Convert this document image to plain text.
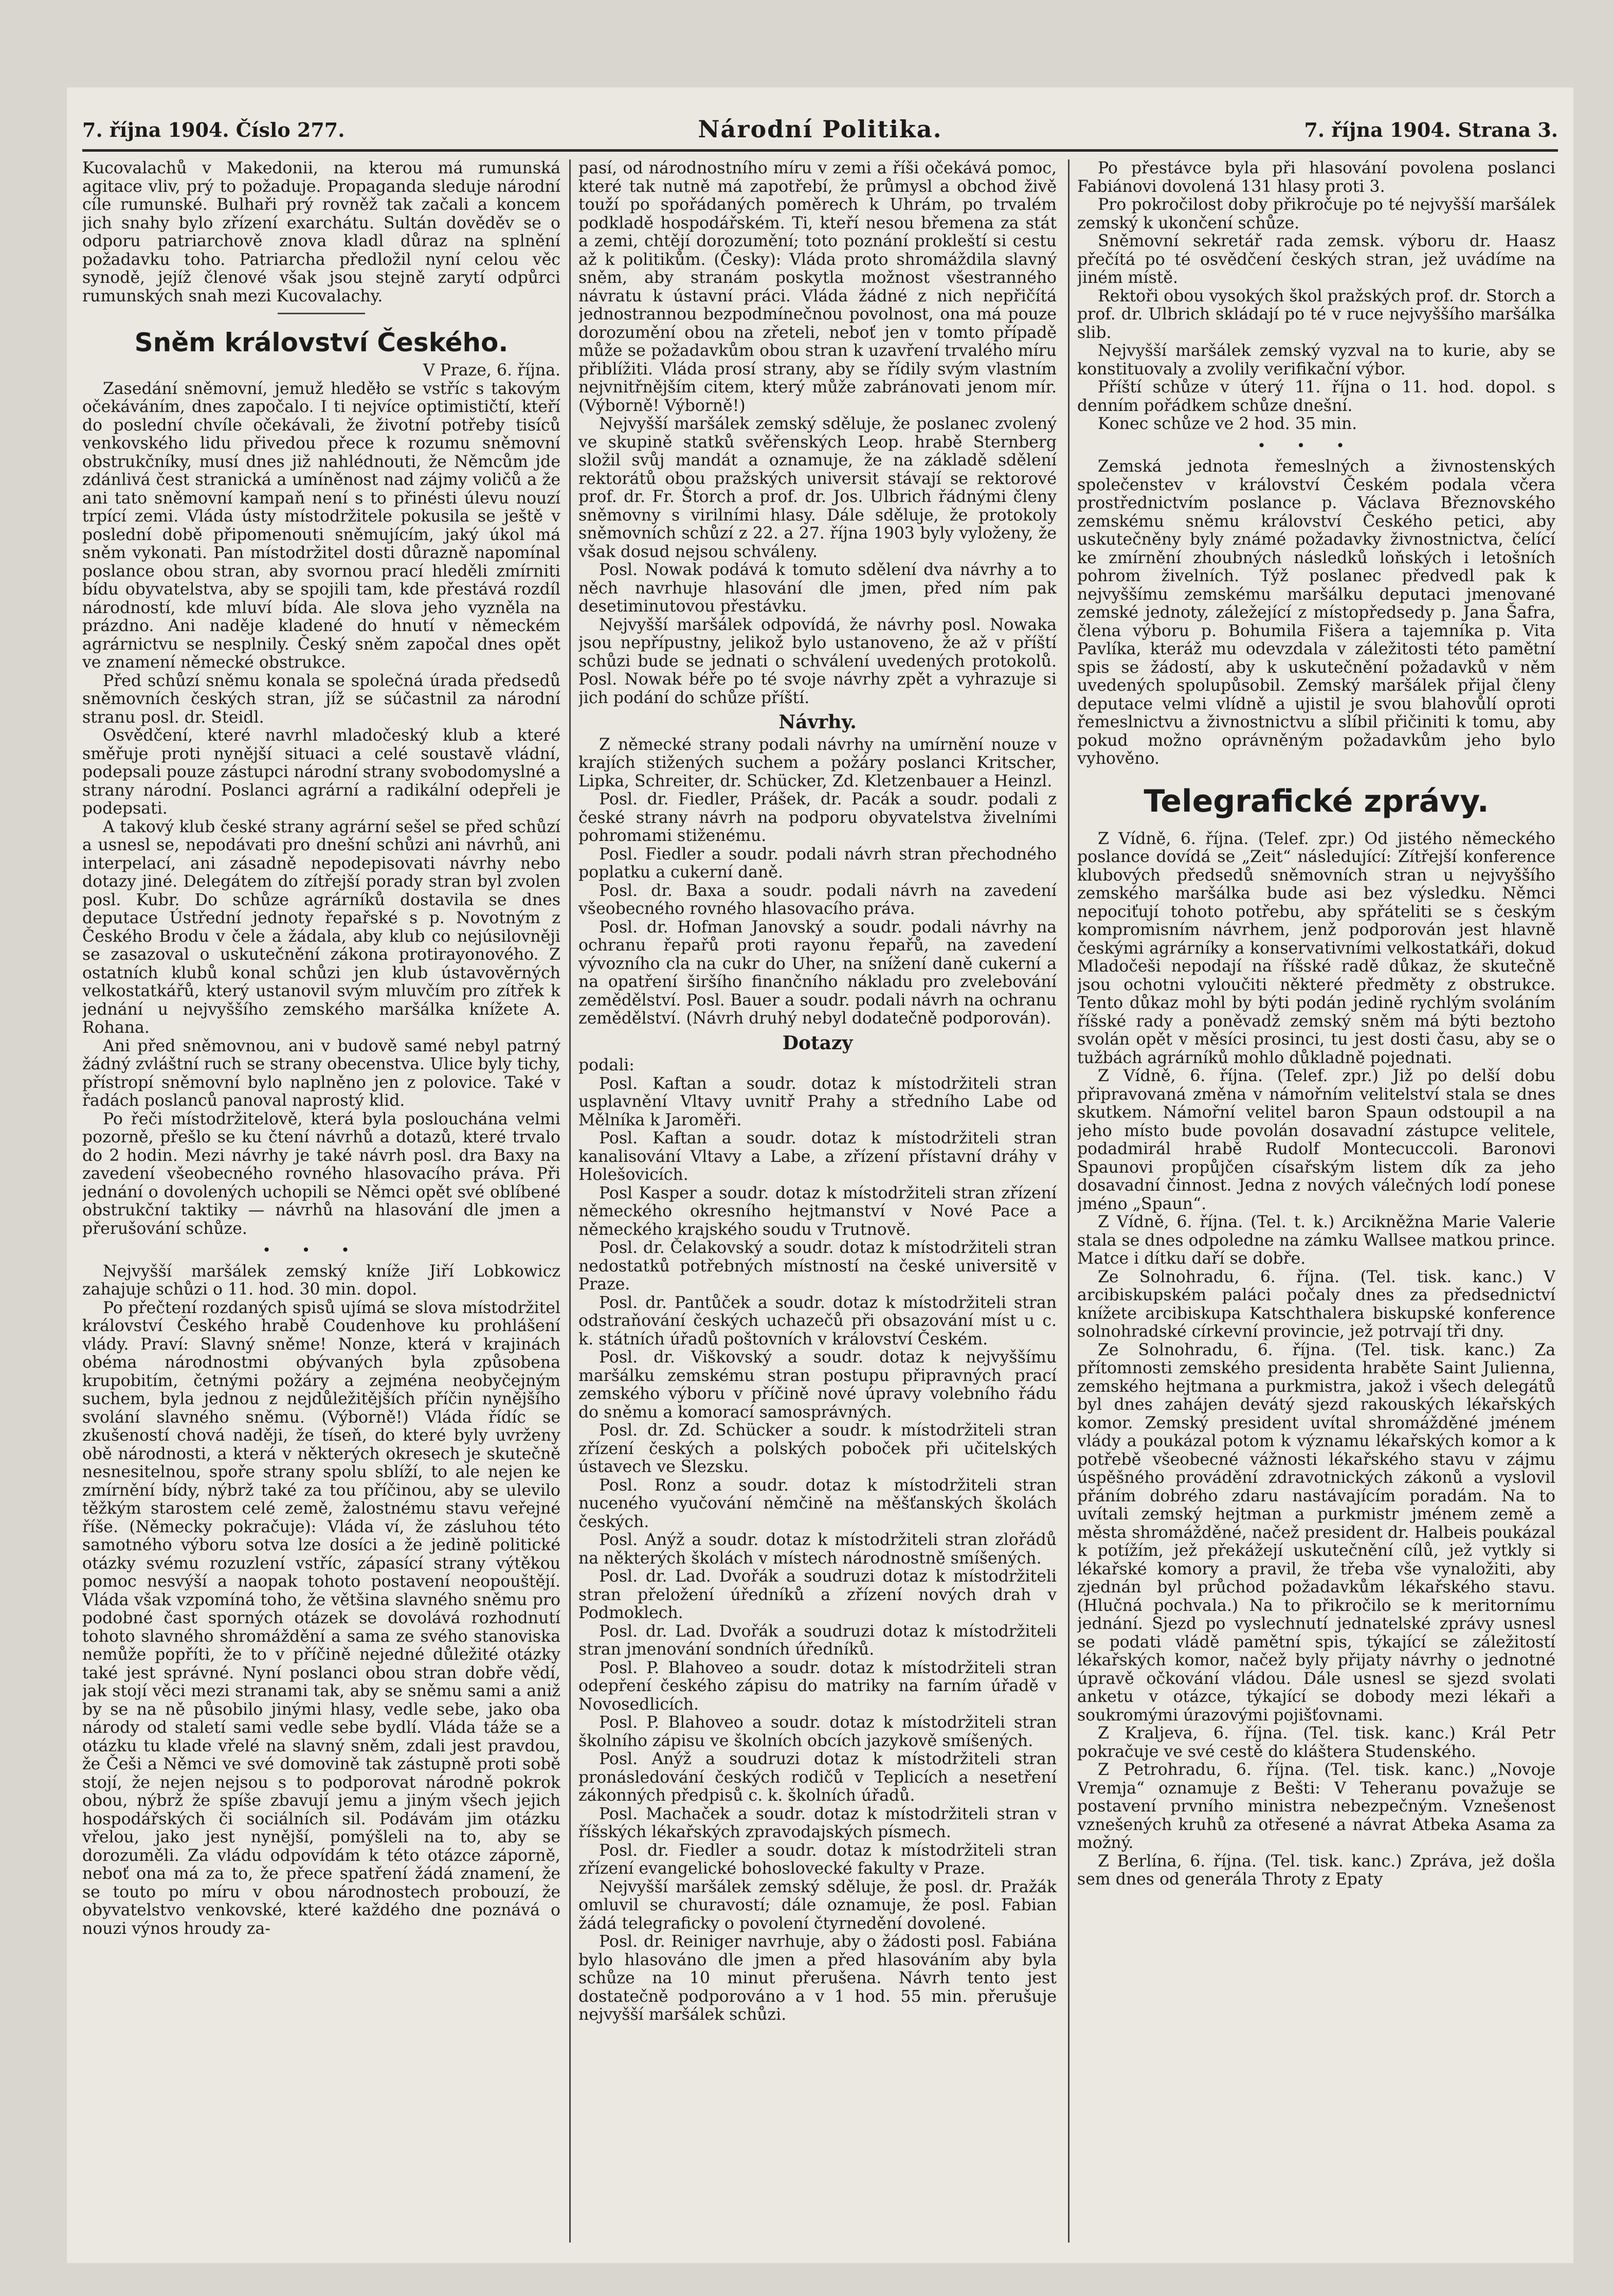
7. října 1904. Číslo 277.	Národní Politika.	7. října 1904. Strana 3.

Kucovalachů v Makedonii, na kterou má rumunská agitace vliv, prý to požaduje. Propaganda sleduje národní cíle rumunské. Bulhaři prý rovněž tak začali a koncem jich snahy bylo zřízení exarchátu. Sultán dověděv se o odporu patriarchově znova kladl důraz na splnění požadavku toho. Patriarcha předložil nyní celou věc synodě, jejíž členové však jsou stejně zarytí odpůrci rumunských snah mezi Kucovalachy.

Sněm království Českého.

V Praze, 6. října.

Zasedání sněmovní, jemuž hleděło se vstříc s takovým očekáváním, dnes započalo. I ti nejvíce optimističtí, kteří do poslední chvíle očekávali, že životní potřeby tisíců venkovského lidu přivedou přece k rozumu sněmovní obstrukčníky, musí dnes již nahlédnouti, že Němcům jde zdánlivá čest stranická a umíněnost nad zájmy voličů a že ani tato sněmovní kampaň není s to přinésti úlevu nouzí trpící zemi. Vláda ústy místodržitele pokusila se ještě v poslední době připomenouti sněmujícím, jaký úkol má sněm vykonati. Pan místodržitel dosti důrazně napomínal poslance obou stran, aby svornou prací hleděli zmírniti bídu obyvatelstva, aby se spojili tam, kde přestává rozdíl národností, kde mluví bída. Ale slova jeho vyzněla na prázdno. Ani naděje kladené do hnutí v německém agrárnictvu se nesplnily. Český sněm započal dnes opět ve znamení německé obstrukce.

Před schůzí sněmu konala se společná úrada předsedů sněmovních českých stran, jíž se súčastnil za národní stranu posl. dr. Steidl.

Osvědčení, které navrhl mladočeský klub a které směřuje proti nynější situaci a celé soustavě vládní, podepsali pouze zástupci národní strany svobodomyslné a strany národní. Poslanci agrární a radikální odepřeli je podepsati.

A takový klub české strany agrární sešel se před schůzí a usnesl se, nepodávati pro dnešní schůzi ani návrhů, ani interpelací, ani zásadně nepodepisovati návrhy nebo dotazy jiné. Delegátem do zítřejší porady stran byl zvolen posl. Kubr. Do schůze agrárníků dostavila se dnes deputace Ústřední jednoty řepařské s p. Novotným z Českého Brodu v čele a žádala, aby klub co nejúsilovněji se zasazoval o uskutečnění zákona protirayonového. Z ostatních klubů konal schůzi jen klub ústavověrných velkostatkářů, který ustanovil svým mluvčím pro zítřek k jednání u nejvyššího zemského maršálka knížete A. Rohana.

Ani před sněmovnou, ani v budově samé nebyl patrný žádný zvláštní ruch se strany obecenstva. Ulice byly tichy, přístropí sněmovní bylo naplněno jen z polovice. Také v řadách poslanců panoval naprostý klid.

Po řeči místodržitelově, která byla poslouchána velmi pozorně, přešlo se ku čtení návrhů a dotazů, které trvalo do 2 hodin. Mezi návrhy je také návrh posl. dra Baxy na zavedení všeobecného rovného hlasovacího práva. Při jednání o dovolených uchopili se Němci opět své oblíbené obstrukční taktiky — návrhů na hlasování dle jmen a přerušování schůze.

•••

Nejvyšší maršálek zemský kníže Jiří Lobkowicz zahajuje schůzi o 11. hod. 30 min. dopol.

Po přečtení rozdaných spisů ujímá se slova místodržitel království Českého hrabě Coudenhove ku prohlášení vlády. Praví: Slavný sněme! Nonze, která v krajinách obéma národnostmi obývaných byla způsobena krupobitím, četnými požáry a zejména neobyčejným suchem, byla jednou z nejdůležitějších příčin nynějšího svolání slavného sněmu. (Výborně!) Vláda řídíc se zkušeností chová naději, že tíseň, do které byly uvrženy obě národnosti, a která v některých okresech je skutečně nesnesitelnou, spoře strany spolu sblíží, to ale nejen ke zmírnění bídy, nýbrž také za tou příčinou, aby se ulevilo těžkým starostem celé země, žalostnému stavu veřejné říše. (Německy pokračuje): Vláda ví, že zásluhou této samotného výboru sotva lze dosíci a že jedině politické otázky svému rozuzlení vstříc, zápasící strany výtěkou pomoc nesvýší a naopak tohoto postavení neopouštějí. Vláda však vzpomíná toho, že většina slavného sněmu pro podobné čast sporných otázek se dovolává rozhodnutí tohoto slavného shromáždění a sama ze svého stanoviska nemůže popříti, že to v příčině nejedné důležité otázky také jest správné. Nyní poslanci obou stran dobře vědí, jak stojí věci mezi stranami tak, aby se sněmu sami a aniž by se na ně působilo jinými hlasy, vedle sebe, jako oba národy od staletí sami vedle sebe bydlí. Vláda táže se a otázku tu klade vřelé na slavný sněm, zdali jest pravdou, že Češi a Němci ve své domovině tak zástupně proti sobě stojí, že nejen nejsou s to podporovat národně pokrok obou, nýbrž že spíše zbavují jemu a jiným všech jejich hospodářských či sociálních sil. Podávám jim otázku vřelou, jako jest nynější, pomýšleli na to, aby se dorozuměli. Za vládu odpovídám k této otázce záporně, neboť ona má za to, že přece spatření žádá znamení, že se touto po míru v obou národnostech probouzí, že obyvatelstvo venkovské, které každého dne poznává o nouzi výnos hroudy za-

pasí, od národnostního míru v zemi a říši očekává pomoc, které tak nutně má zapotřebí, že průmysl a obchod živě touží po spořádaných poměrech k Uhrám, po trvalém podkladě hospodářském. Ti, kteří nesou břemena za stát a zemi, chtějí dorozumění; toto poznání prokleští si cestu až k politikům. (Česky): Vláda proto shromáždila slavný sněm, aby stranám poskytla možnost všestranného návratu k ústavní práci. Vláda žádné z nich nepřičítá jednostrannou bezpodmínečnou povolnost, ona má pouze dorozumění obou na zřeteli, neboť jen v tomto případě může se požadavkům obou stran k uzavření trvalého míru přiblížiti. Vláda prosí strany, aby se řídily svým vlastním nejvnitřnějším citem, který může zabránovati jenom mír. (Výborně! Výborně!)

Nejvyšší maršálek zemský sděluje, že poslanec zvolený ve skupině statků svěřenských Leop. hrabě Sternberg složil svůj mandát a oznamuje, že na základě sdělení rektorátů obou pražských universit stávají se rektorové prof. dr. Fr. Štorch a prof. dr. Jos. Ulbrich řádnými členy sněmovny s virilními hlasy. Dále sděluje, že protokoly sněmovních schůzí z 22. a 27. října 1903 byly vyloženy, že však dosud nejsou schváleny.

Posl. Nowak podává k tomuto sdělení dva návrhy a to něch navrhuje hlasování dle jmen, před ním pak desetiminutovou přestávku.

Nejvyšší maršálek odpovídá, že návrhy posl. Nowaka jsou nepřípustny, jelikož bylo ustanoveno, že až v příští schůzi bude se jednati o schválení uvedených protokolů. Posl. Nowak béře po té svoje návrhy zpět a vyhrazuje si jich podání do schůze příští.

Návrhy.

Z německé strany podali návrhy na umírnění nouze v krajích stižených suchem a požáry poslanci Kritscher, Lipka, Schreiter, dr. Schücker, Zd. Kletzenbauer a Heinzl.

Posl. dr. Fiedler, Prášek, dr. Pacák a soudr. podali z české strany návrh na podporu obyvatelstva živelními pohromami stiženému.

Posl. Fiedler a soudr. podali návrh stran přechodného poplatku a cukerní daně.

Posl. dr. Baxa a soudr. podali návrh na zavedení všeobecného rovného hlasovacího práva.

Posl. dr. Hofman Janovský a soudr. podali návrhy na ochranu řepařů proti rayonu řepařů, na zavedení vývozního cla na cukr do Uher, na snížení daně cukerní a na opatření širšího finančního nákladu pro zvelebování zemědělství. Posl. Bauer a soudr. podali návrh na ochranu zemědělství. (Návrh druhý nebyl dodatečně podporován).

Dotazy

podali:

Posl. Kaftan a soudr. dotaz k místodržiteli stran usplavnění Vltavy uvnitř Prahy a středního Labe od Mělníka k Jaroměři.

Posl. Kaftan a soudr. dotaz k místodržiteli stran kanalisování Vltavy a Labe, a zřízení přístavní dráhy v Holešovicích.

Posl Kasper a soudr. dotaz k místodržiteli stran zřízení německého okresního hejtmanství v Nové Pace a německého krajského soudu v Trutnově.

Posl. dr. Čelakovský a soudr. dotaz k místodržiteli stran nedostatků potřebných místností na české universitě v Praze.

Posl. dr. Pantůček a soudr. dotaz k místodržiteli stran odstraňování českých uchazečů při obsazování míst u c. k. státních úřadů poštovních v království Českém.

Posl. dr. Viškovský a soudr. dotaz k nejvyššímu maršálku zemskému stran postupu připravných prací zemského výboru v příčině nové úpravy volebního řádu do sněmu a komorací samosprávných.

Posl. dr. Zd. Schücker a soudr. k místodržiteli stran zřízení českých a polských poboček při učitelských ústavech ve Slezsku.

Posl. Ronz a soudr. dotaz k místodržiteli stran nuceného vyučování němčině na měšťanských školách českých.

Posl. Anýž a soudr. dotaz k místodržiteli stran zlořádů na některých školách v místech národnostně smíšených.

Posl. dr. Lad. Dvořák a soudruzi dotaz k místodržiteli stran přeložení úředníků a zřízení nových drah v Podmoklech.

Posl. dr. Lad. Dvořák a soudruzi dotaz k místodržiteli stran jmenování sondních úředníků.

Posl. P. Blahoveo a soudr. dotaz k místodržiteli stran odepření českého zápisu do matriky na farním úřadě v Novosedlicích.

Posl. P. Blahoveo a soudr. dotaz k místodržiteli stran školního zápisu ve školních obcích jazykově smíšených.

Posl. Anýž a soudruzi dotaz k místodržiteli stran pronásledování českých rodičů v Teplicích a nesetření zákonných předpisů c. k. školních úřadů.

Posl. Machaček a soudr. dotaz k místodržiteli stran v říšských lékařských zpravodajských písmech.

Posl. dr. Fiedler a soudr. dotaz k místodržiteli stran zřízení evangelické bohoslovecké fakulty v Praze.

Nejvyšší maršálek zemský sděluje, že posl. dr. Pražák omluvil se churavostí; dále oznamuje, že posl. Fabian žádá telegraficky o povolení čtyrnedění dovolené.

Posl. dr. Reiniger navrhuje, aby o žádosti posl. Fabiána bylo hlasováno dle jmen a před hlasováním aby byla schůze na 10 minut přerušena. Návrh tento jest dostatečně podporováno a v 1 hod. 55 min. přerušuje nejvyšší maršálek schůzi.

Po přestávce byla při hlasování povolena poslanci Fabiánovi dovolená 131 hlasy proti 3.

Pro pokročilost doby přikročuje po té nejvyšší maršálek zemský k ukončení schůze.

Sněmovní sekretář rada zemsk. výboru dr. Haasz přečítá po té osvědčení českých stran, jež uvádíme na jiném místě.

Rektoři obou vysokých škol pražských prof. dr. Storch a prof. dr. Ulbrich skládají po té v ruce nejvyššího maršálka slib.

Nejvyšší maršálek zemský vyzval na to kurie, aby se konstituovaly a zvolily verifikační výbor.

Příští schůze v úterý 11. října o 11. hod. dopol. s denním pořádkem schůze dnešní.

Konec schůze ve 2 hod. 35 min.

•••

Zemská jednota řemeslných a živnostenských společenstev v království Českém podala včera prostřednictvím poslance p. Václava Březnovského zemskému sněmu království Českého petici, aby uskutečněny byly známé požadavky živnostnictva, čelící ke zmírnění zhoubných následků loňských i letošních pohrom živelních. Týž poslanec předvedl pak k nejvyššímu zemskému maršálku deputaci jmenované zemské jednoty, záležející z místopředsedy p. Jana Šafra, člena výboru p. Bohumila Fišera a tajemníka p. Vita Pavlíka, kteráž mu odevzdala v záležitosti této pamětní spis se žádostí, aby k uskutečnění požadavků v něm uvedených spolupůsobil. Zemský maršálek přijal členy deputace velmi vlídně a ujistil je svou blahovůlí oproti řemeslnictvu a živnostnictvu a slíbil přičiniti k tomu, aby pokud možno oprávněným požadavkům jeho bylo vyhověno.

Telegrafické zprávy.

Z Vídně, 6. října. (Telef. zpr.) Od jistého německého poslance dovídá se „Zeit“ následující: Zítřejší konference klubových předsedů sněmovních stran u nejvyššího zemského maršálka bude asi bez výsledku. Němci nepociťují tohoto potřebu, aby spřáteliti se s českým kompromisním návrhem, jenž podporován jest hlavně českými agrárníky a konservativními velkostatkáři, dokud Mladočeši nepodají na říšské radě důkaz, že skutečně jsou ochotni vyloučiti některé předměty z obstrukce. Tento důkaz mohl by býti podán jedině rychlým svoláním říšské rady a poněvadž zemský sněm má býti beztoho svolán opět v měsíci prosinci, tu jest dosti času, aby se o tužbách agrárníků mohlo důkladně pojednati.

Z Vídně, 6. října. (Telef. zpr.) Již po delší dobu připravovaná změna v námořním velitelství stala se dnes skutkem. Námořní velitel baron Spaun odstoupil a na jeho místo bude povolán dosavadní zástupce velitele, podadmirál hrabě Rudolf Montecuccoli. Baronovi Spaunovi propůjčen císařským listem dík za jeho dosavadní činnost. Jedna z nových válečných lodí ponese jméno „Spaun“.

Z Vídně, 6. října. (Tel. t. k.) Arcikněžna Marie Valerie stala se dnes odpoledne na zámku Wallsee matkou prince. Matce i dítku daří se dobře.

Ze Solnohradu, 6. října. (Tel. tisk. kanc.) V arcibiskupském paláci počaly dnes za předsednictví knížete arcibiskupa Katschthalera biskupské konference solnohradské církevní provincie, jež potrvají tři dny.

Ze Solnohradu, 6. října. (Tel. tisk. kanc.) Za přítomnosti zemského presidenta hraběte Saint Julienna, zemského hejtmana a purkmistra, jakož i všech delegátů byl dnes zahájen devátý sjezd rakouských lékařských komor. Zemský president uvítal shromážděné jménem vlády a poukázal potom k významu lékařských komor a k potřebě všeobecné vážnosti lékařského stavu v zájmu úspěšného provádění zdravotnických zákonů a vyslovil přáním dobrého zdaru nastávajícím poradám. Na to uvítali zemský hejtman a purkmistr jménem země a města shromážděné, načež president dr. Halbeis poukázal k potížím, jež překážejí uskutečnění cílů, jež vytkly si lékařské komory a pravil, že třeba vše vynaložiti, aby zjednán byl průchod požadavkům lékařského stavu. (Hlučná pochvala.) Na to přikročilo se k meritornímu jednání. Sjezd po vyslechnutí jednatelské zprávy usnesl se podati vládě pamětní spis, týkající se záležitostí lékařských komor, načež byly přijaty návrhy o jednotné úpravě očkování vládou. Dále usnesl se sjezd svolati anketu v otázce, týkající se dobody mezi lékaři a soukromými úrazovými pojišťovnami.

Z Kraljeva, 6. října. (Tel. tisk. kanc.) Král Petr pokračuje ve své cestě do kláštera Studenského.

Z Petrohradu, 6. října. (Tel. tisk. kanc.) „Novoje Vremja“ oznamuje z Bešti: V Teheranu považuje se postavení prvního ministra nebezpečným. Vznešenost vznešených kruhů za otřesené a návrat Atbeka Asama za možný.

Z Berlína, 6. října. (Tel. tisk. kanc.) Zpráva, jež došla sem dnes od generála Throty z Epaty
